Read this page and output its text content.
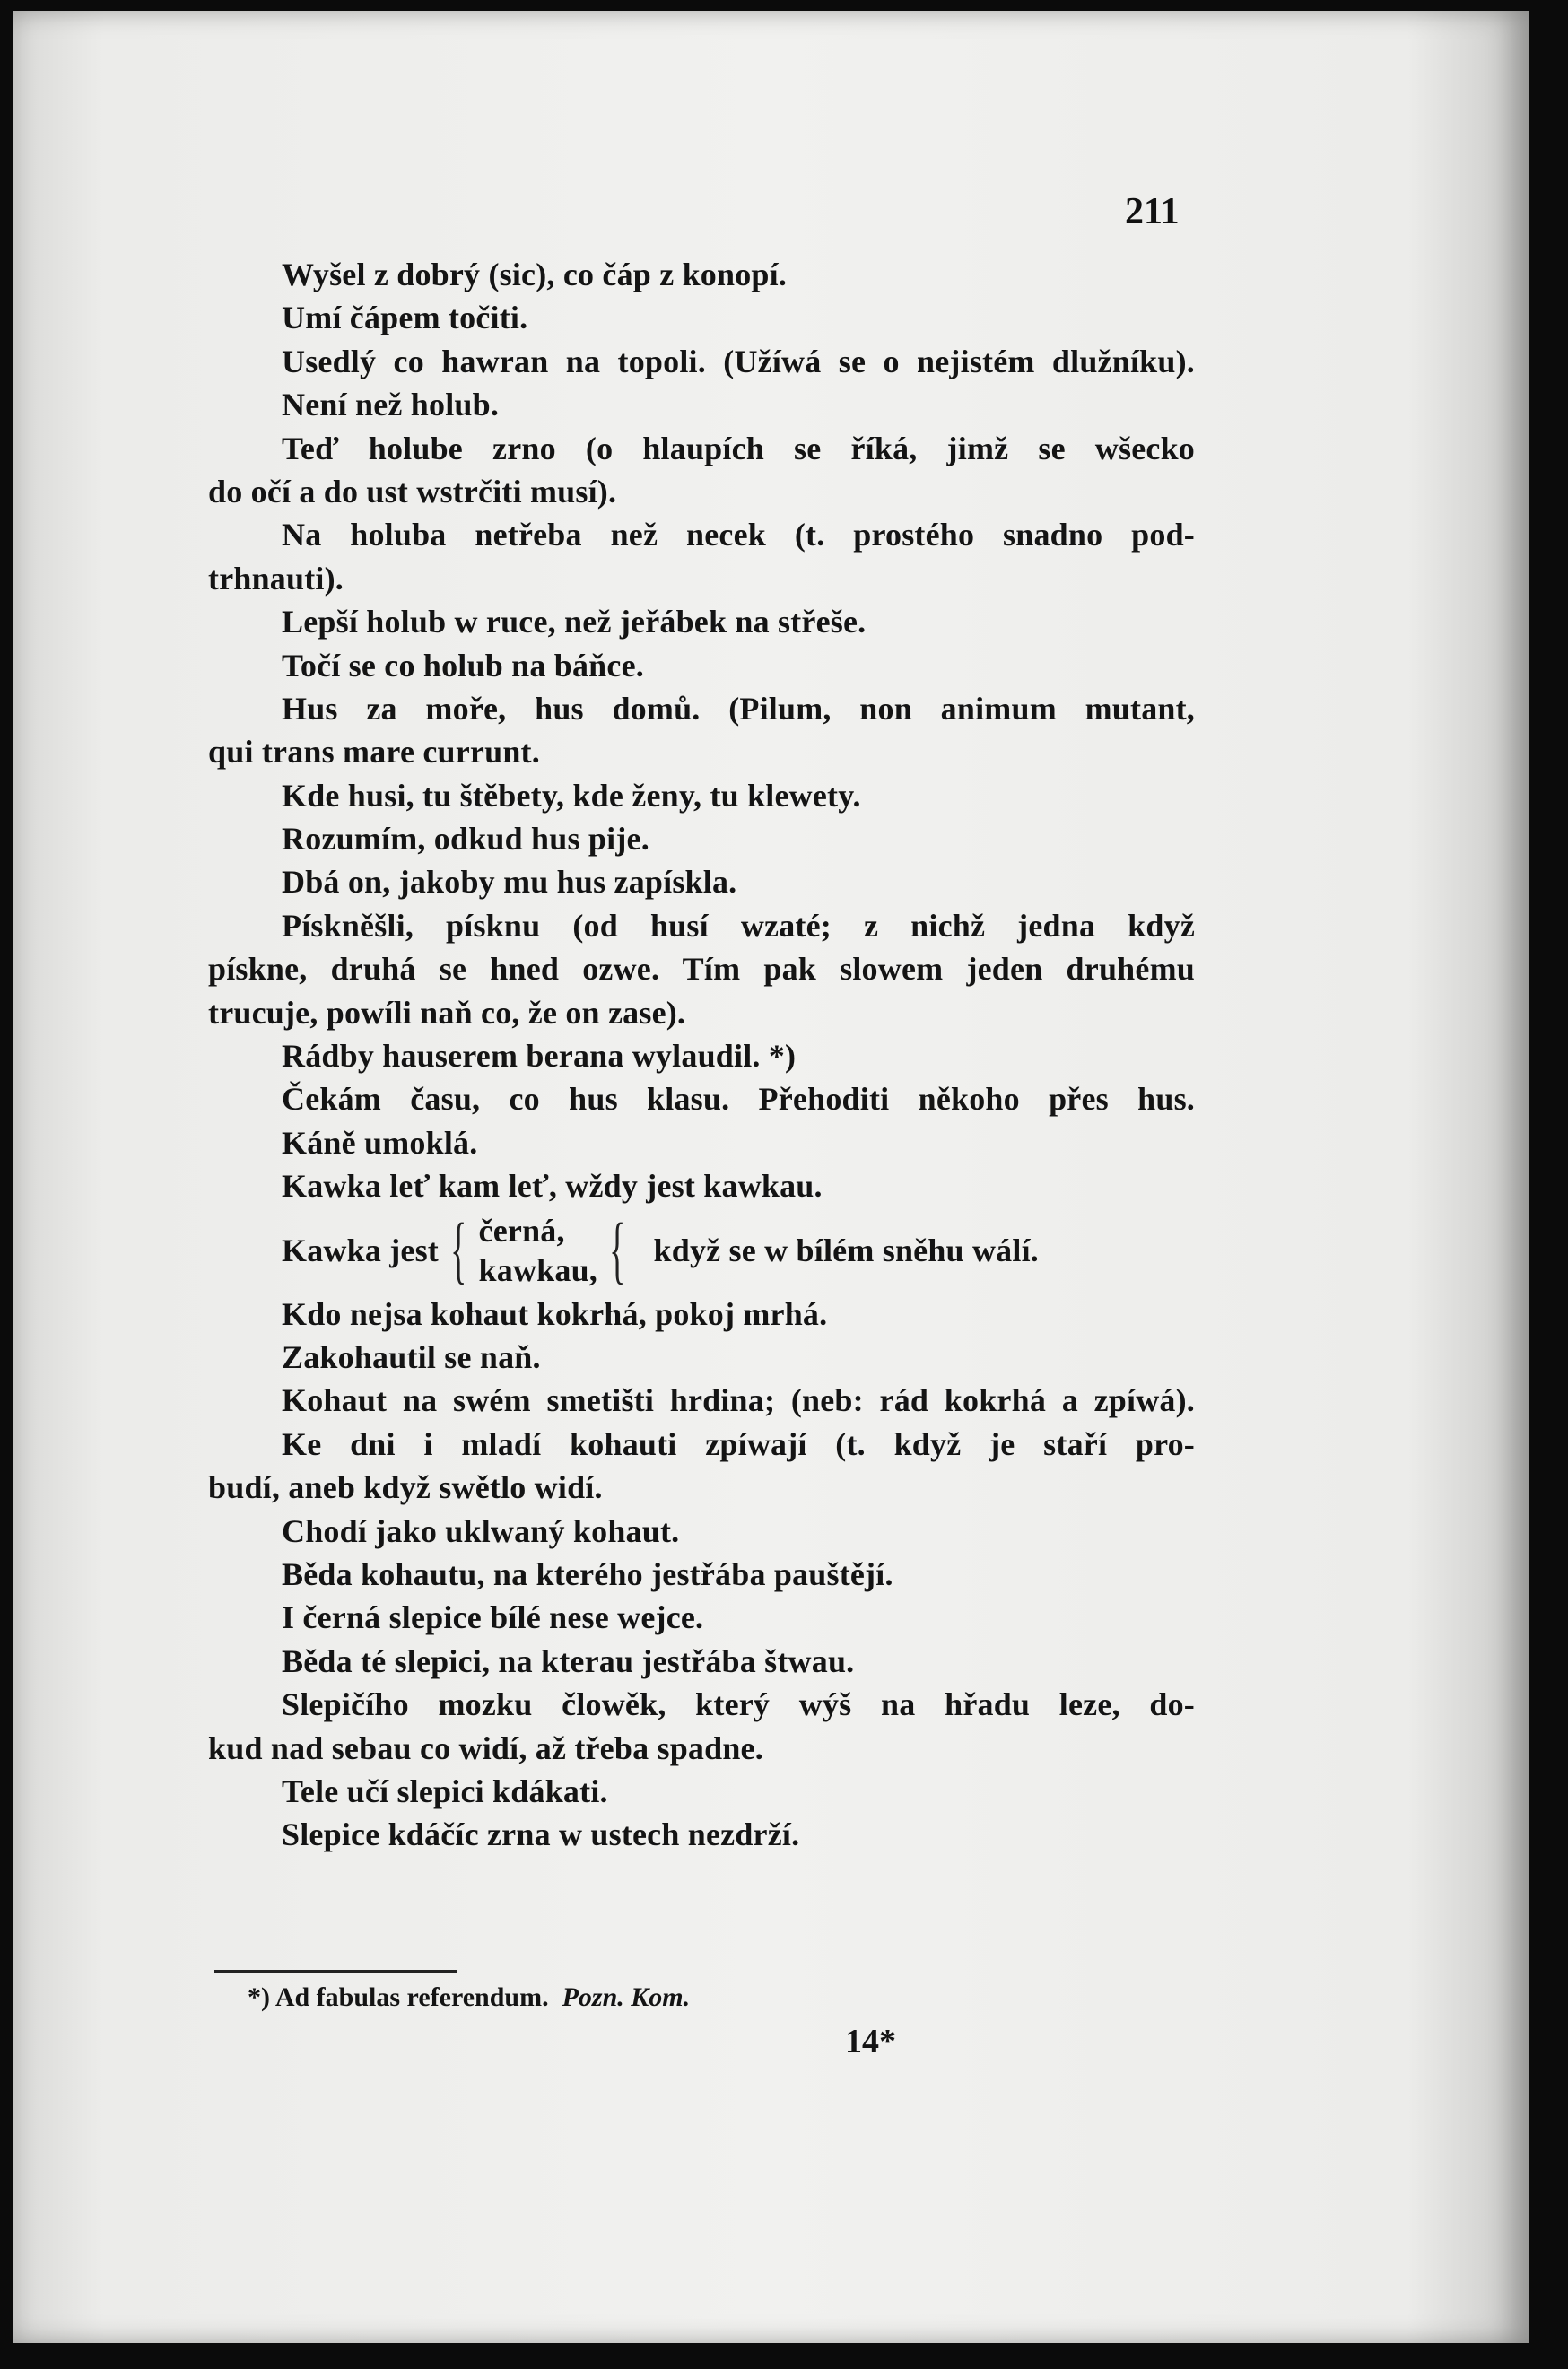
211
Wyšel z dobrý (sic), co čáp z konopí.
Umí čápem točiti.
Usedlý co hawran na topoli. (Užíwá se o nejistém dlužníku).
Není než holub.
Teď holube zrno (o hlaupích se říká, jimž se wšecko
do očí a do ust wstrčiti musí).
Na holuba netřeba než necek (t. prostého snadno pod-
trhnauti).
Lepší holub w ruce, než jeřábek na střeše.
Točí se co holub na báňce.
Hus za moře, hus domů. (Pilum, non animum mutant,
qui trans mare currunt.
Kde husi, tu štěbety, kde ženy, tu klewety.
Rozumím, odkud hus pije.
Dbá on, jakoby mu hus zapískla.
Pískněšli, písknu (od husí wzaté; z nichž jedna když
pískne, druhá se hned ozwe. Tím pak slowem jeden druhému
trucuje, powíli naň co, že on zase).
Rádby hauserem berana wylaudil. *)
Čekám času, co hus klasu. Přehoditi někoho přes hus.
Káně umoklá.
Kawka leť kam leť, wždy jest kawkau.
Kawka jest { černá,
kawkau, { když se w bílém sněhu wálí.
Kdo nejsa kohaut kokrhá, pokoj mrhá.
Zakohautil se naň.
Kohaut na swém smetišti hrdina; (neb: rád kokrhá a zpíwá).
Ke dni i mladí kohauti zpíwají (t. když je staří pro-
budí, aneb když swětlo widí.
Chodí jako uklwaný kohaut.
Běda kohautu, na kterého jestřába pauštějí.
I černá slepice bílé nese wejce.
Běda té slepici, na kterau jestřába štwau.
Slepičího mozku člowěk, který wýš na hřadu leze, do-
kud nad sebau co widí, až třeba spadne.
Tele učí slepici kdákati.
Slepice kdáčíc zrna w ustech nezdrží.
*) Ad fabulas referendum. Pozn. Kom.
14*
